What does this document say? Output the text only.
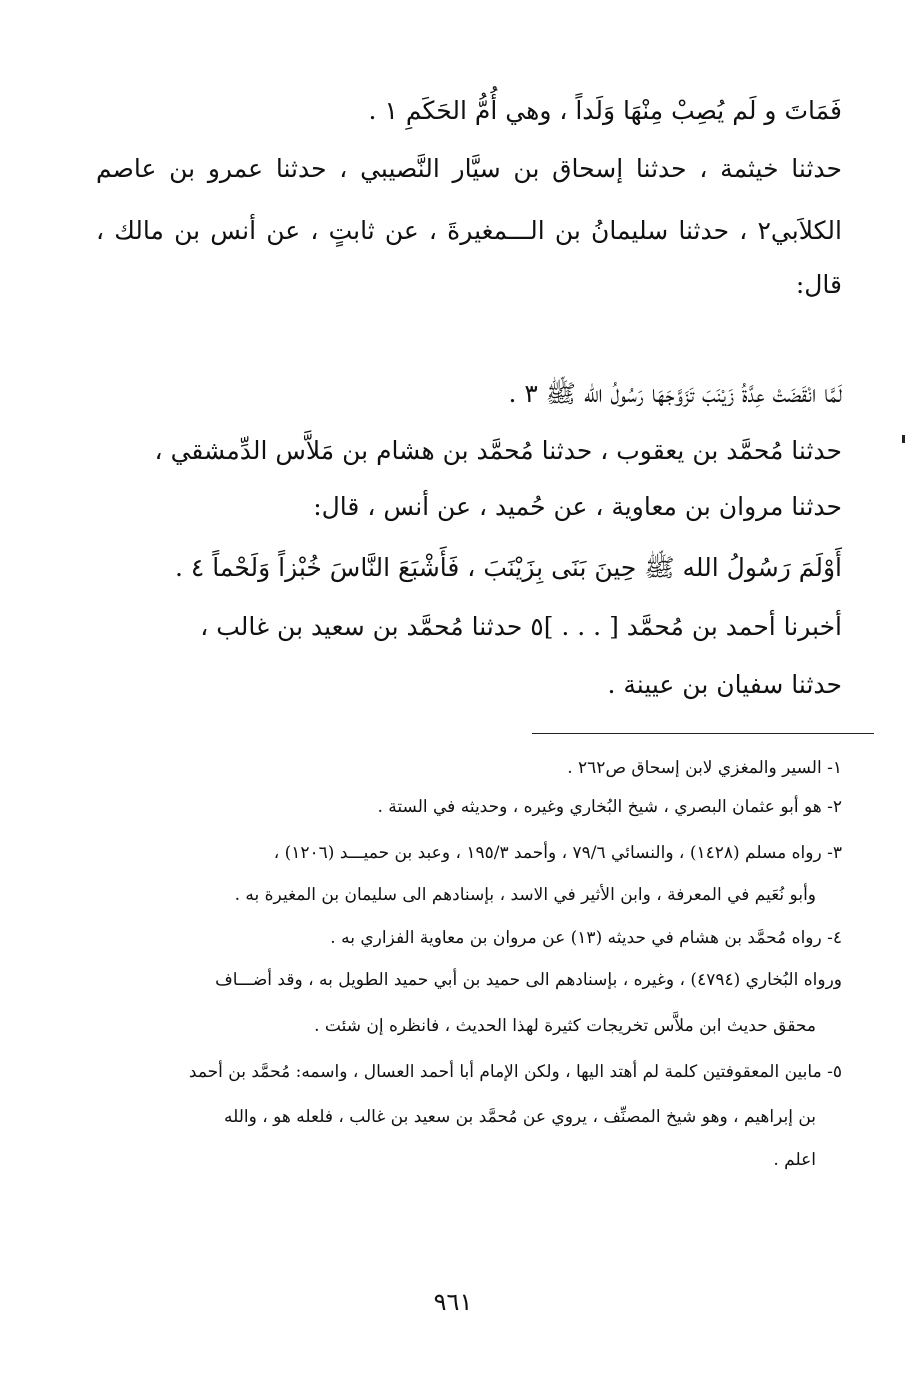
فَمَاتَ و لَم يُصِبْ مِنْهَا وَلَداً ، وهي أُمُّ الحَكَمِ ١ .
حدثنا خيثمة ، حدثنا إسحاق بن سيَّار النَّصيبي ، حدثنا عمرو بن عاصم
الكلاَبي٢ ، حدثنا سليمانُ بن الـــمغيرةَ ، عن ثابتٍ ، عن أنس بن مالك ،
قال:
لَمَّا انْقَضَتْ عِدَّةُ زَيْنَبَ تَزَوَّجَهَا رَسُولُ الله ﷺ ٣ .
حدثنا مُحمَّد بن يعقوب ، حدثنا مُحمَّد بن هشام بن مَلاَّس الدِّمشقي ،
حدثنا مروان بن معاوية ، عن حُميد ، عن أنس ، قال:
أَوْلَمَ رَسُولُ الله ﷺ حِينَ بَنَى بِزَيْنَبَ ، فَأَشْبَعَ النَّاسَ خُبْزاً وَلَحْماً ٤ .
أخبرنا أحمد بن مُحمَّد [ . . . ]٥ حدثنا مُحمَّد بن سعيد بن غالب ،
حدثنا سفيان بن عيينة .
١- السير والمغزي لابن إسحاق ص٢٦٢ .
٢- هو أبو عثمان البصري ، شيخ البُخاري وغيره ، وحديثه في الستة .
٣- رواه مسلم (١٤٢٨) ، والنسائي ٧٩/٦ ، وأحمد ١٩٥/٣ ، وعبد بن حميـــد (١٢٠٦) ،
وأبو نُعَيم في المعرفة ، وابن الأثير في الاسد ، بإسنادهم الى سليمان بن المغيرة به .
٤- رواه مُحمَّد بن هشام في حديثه (١٣) عن مروان بن معاوية الفزاري به .
ورواه البُخاري (٤٧٩٤) ، وغيره ، بإسنادهم الى حميد بن أبي حميد الطويل به ، وقد أضـــاف
محقق حديث ابن ملاَّس تخريجات كثيرة لهذا الحديث ، فانظره إن شئت .
٥- مابين المعقوفتين كلمة لم أهتد اليها ، ولكن الإمام أبا أحمد العسال ، واسمه: مُحمَّد بن أحمد
بن إبراهيم ، وهو شيخ المصنِّف ، يروي عن مُحمَّد بن سعيد بن غالب ، فلعله هو ، والله
اعلم .
٩٦١
